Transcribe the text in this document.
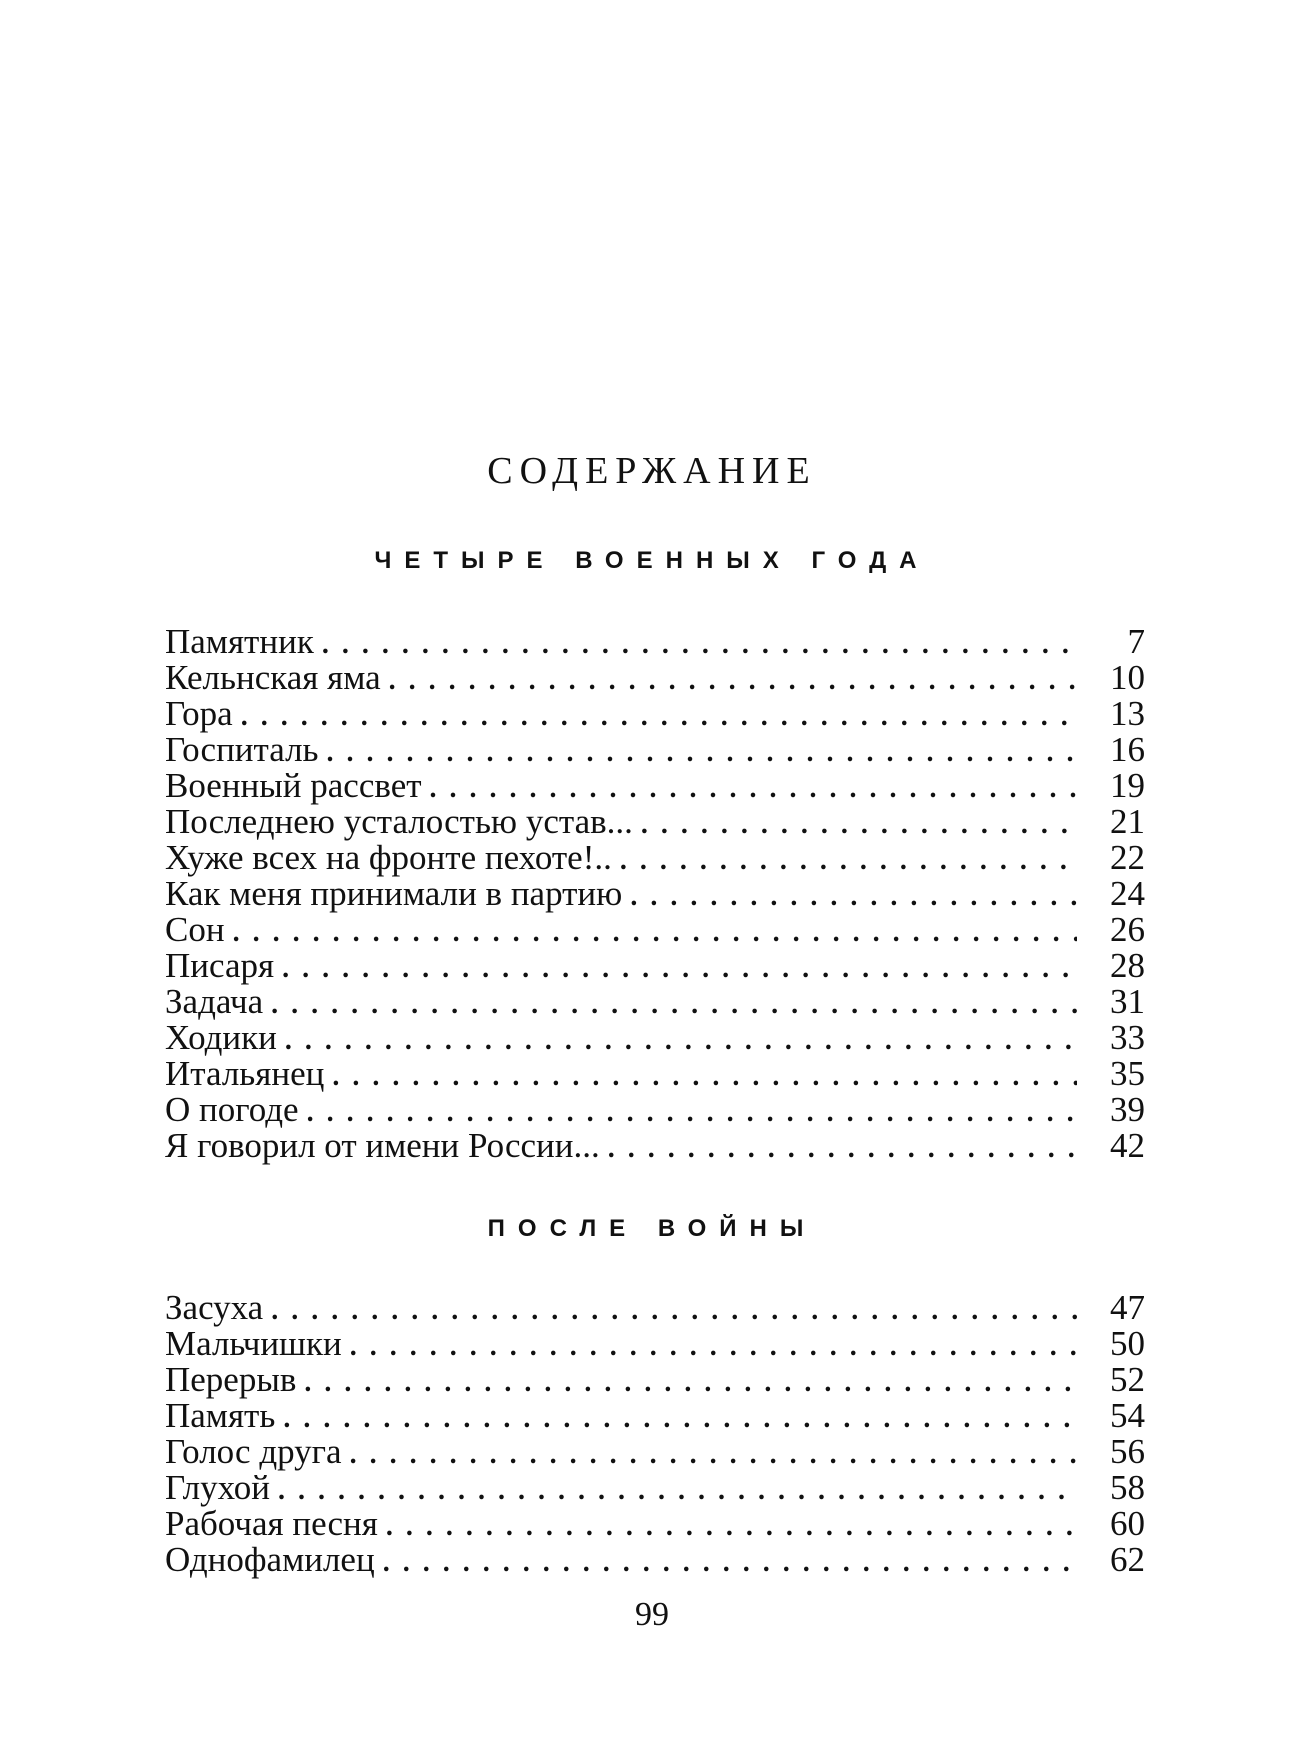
СОДЕРЖАНИЕ
ЧЕТЫРЕ ВОЕННЫХ ГОДА
Памятник . . .	7
Кельнская яма . . .	10
Гора . . .	13
Госпиталь . . .	16
Военный рассвет . . .	19
Последнею усталостью устав... . . .	21
Хуже всех на фронте пехоте!.. . . .	22
Как меня принимали в партию . . .	24
Сон . . .	26
Писаря . . .	28
Задача . . .	31
Ходики . . .	33
Итальянец . . .	35
О погоде . . .	39
Я говорил от имени России... . . .	42
ПОСЛЕ ВОЙНЫ
Засуха . . .	47
Мальчишки . . .	50
Перерыв . . .	52
Память . . .	54
Голос друга . . .	56
Глухой . . .	58
Рабочая песня . . .	60
Однофамилец . . .	62
99
